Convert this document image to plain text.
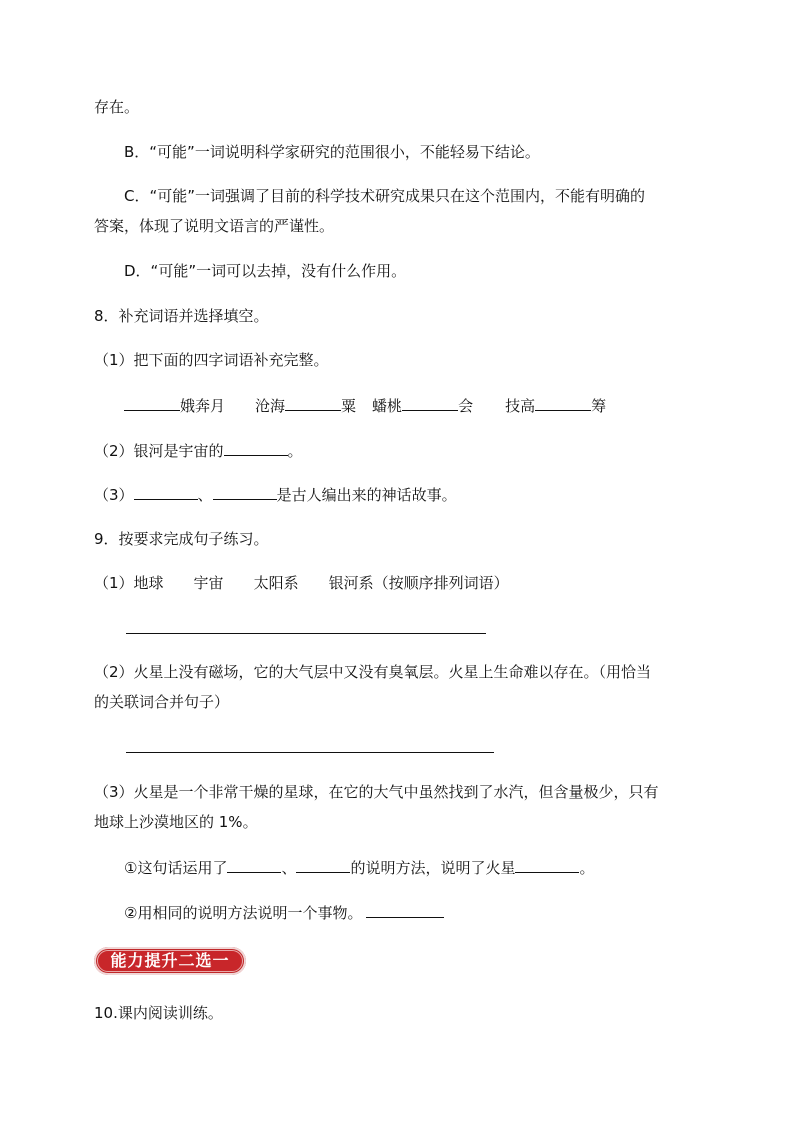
存在。
B．“可能”一词说明科学家研究的范围很小，不能轻易下结论。
C．“可能”一词强调了目前的科学技术研究成果只在这个范围内，不能有明确的
答案，体现了说明文语言的严谨性。
D．“可能”一词可以去掉，没有什么作用。
8．补充词语并选择填空。
（1）把下面的四字词语补充完整。
娥奔月 沧海	粟 蟠桃	会 技高	筹
（2）银河是宇宙的	。
（3）	、	是古人编出来的神话故事。
9．按要求完成句子练习。
（1）地球 宇宙 太阳系 银河系（按顺序排列词语）
（2）火星上没有磁场，它的大气层中又没有臭氧层。火星上生命难以存在。（用恰当
的关联词合并句子）
（3）火星是一个非常干燥的星球，在它的大气中虽然找到了水汽，但含量极少，只有
地球上沙漠地区的 1%。
①这句话运用了	、	的说明方法，说明了火星	。
②用相同的说明方法说明一个事物。
能力提升二选一
10.课内阅读训练。
